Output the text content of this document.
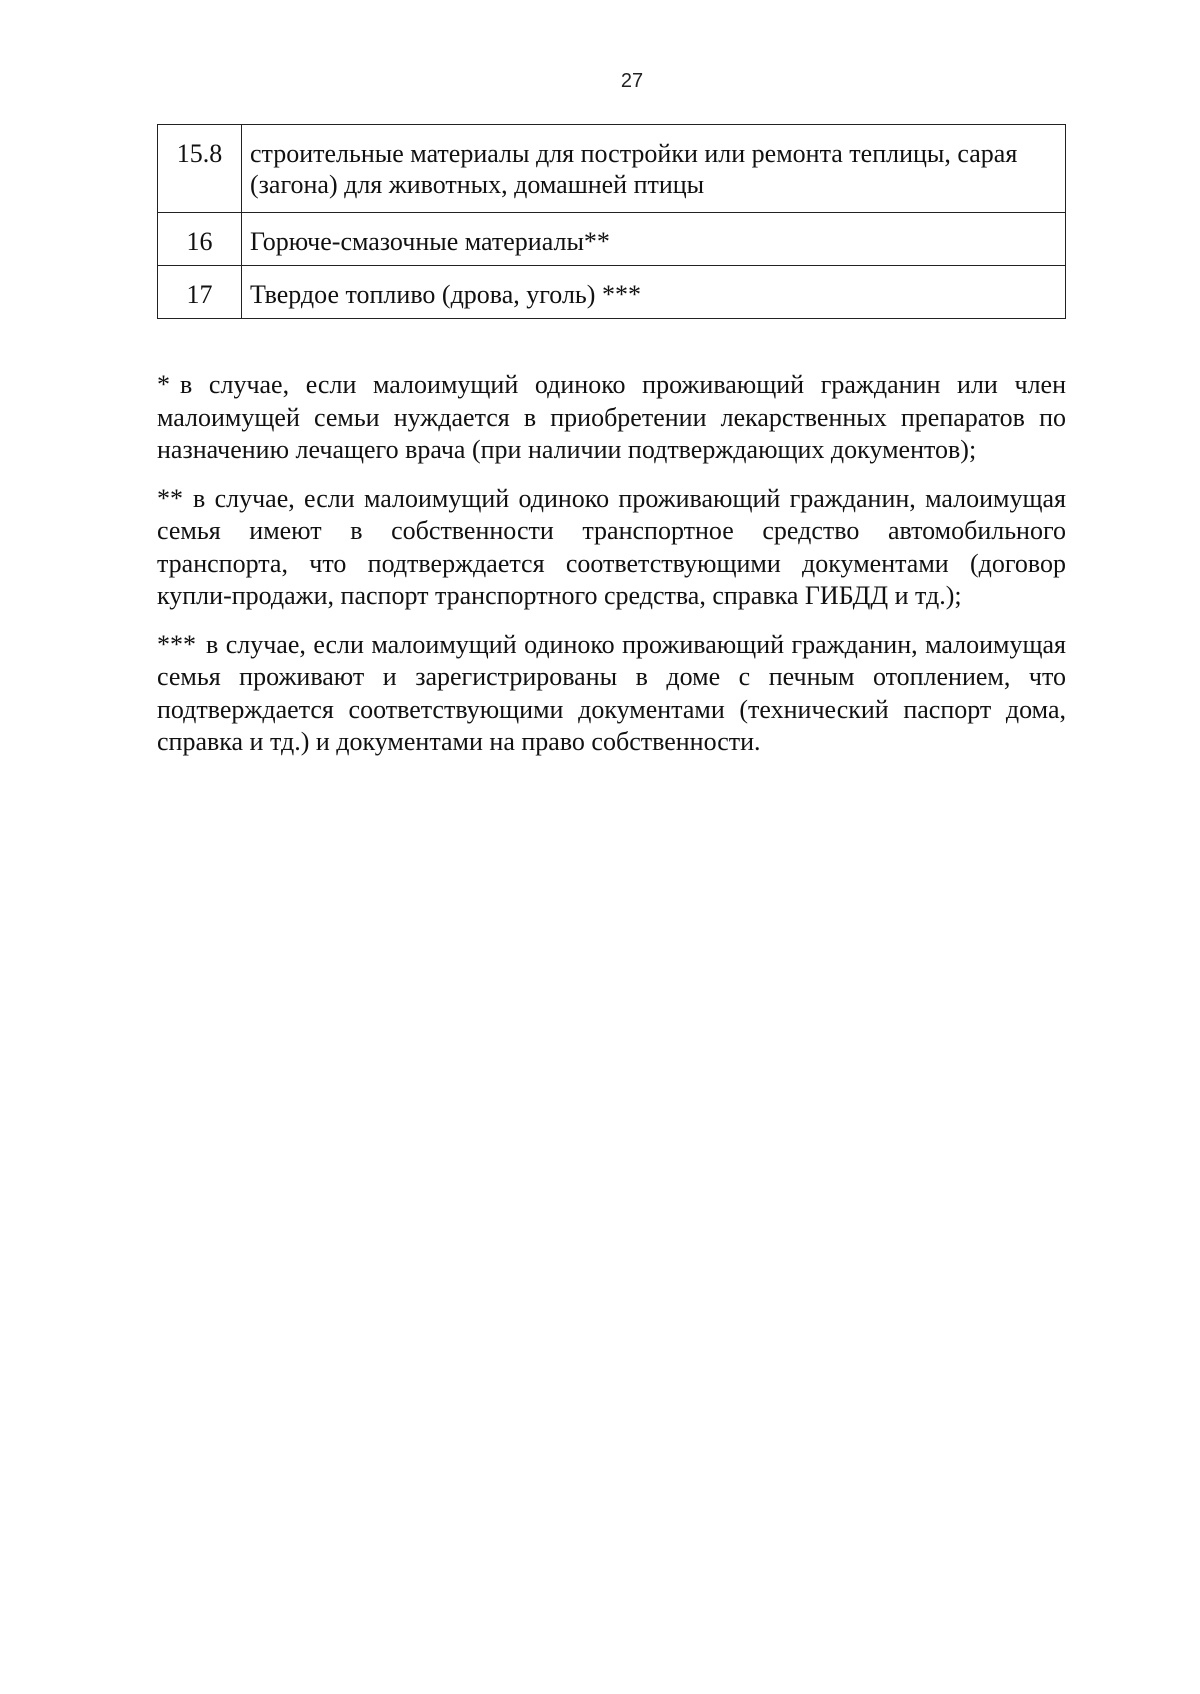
27
15.8	строительные материалы для постройки или ремонта теплицы, сарая (загона) для животных, домашней птицы
16	Горюче-смазочные материалы**
17	Твердое топливо (дрова, уголь) ***

* в случае, если малоимущий одиноко проживающий гражданин или член малоимущей семьи нуждается в приобретении лекарственных препаратов по назначению лечащего врача (при наличии подтверждающих документов);

** в случае, если малоимущий одиноко проживающий гражданин, малоимущая семья имеют в собственности транспортное средство автомобильного транспорта, что подтверждается соответствующими документами (договор купли-продажи, паспорт транспортного средства, справка ГИБДД и тд.);

*** в случае, если малоимущий одиноко проживающий гражданин, малоимущая семья проживают и зарегистрированы в доме с печным отоплением, что подтверждается соответствующими документами (технический паспорт дома, справка и тд.) и документами на право собственности.
